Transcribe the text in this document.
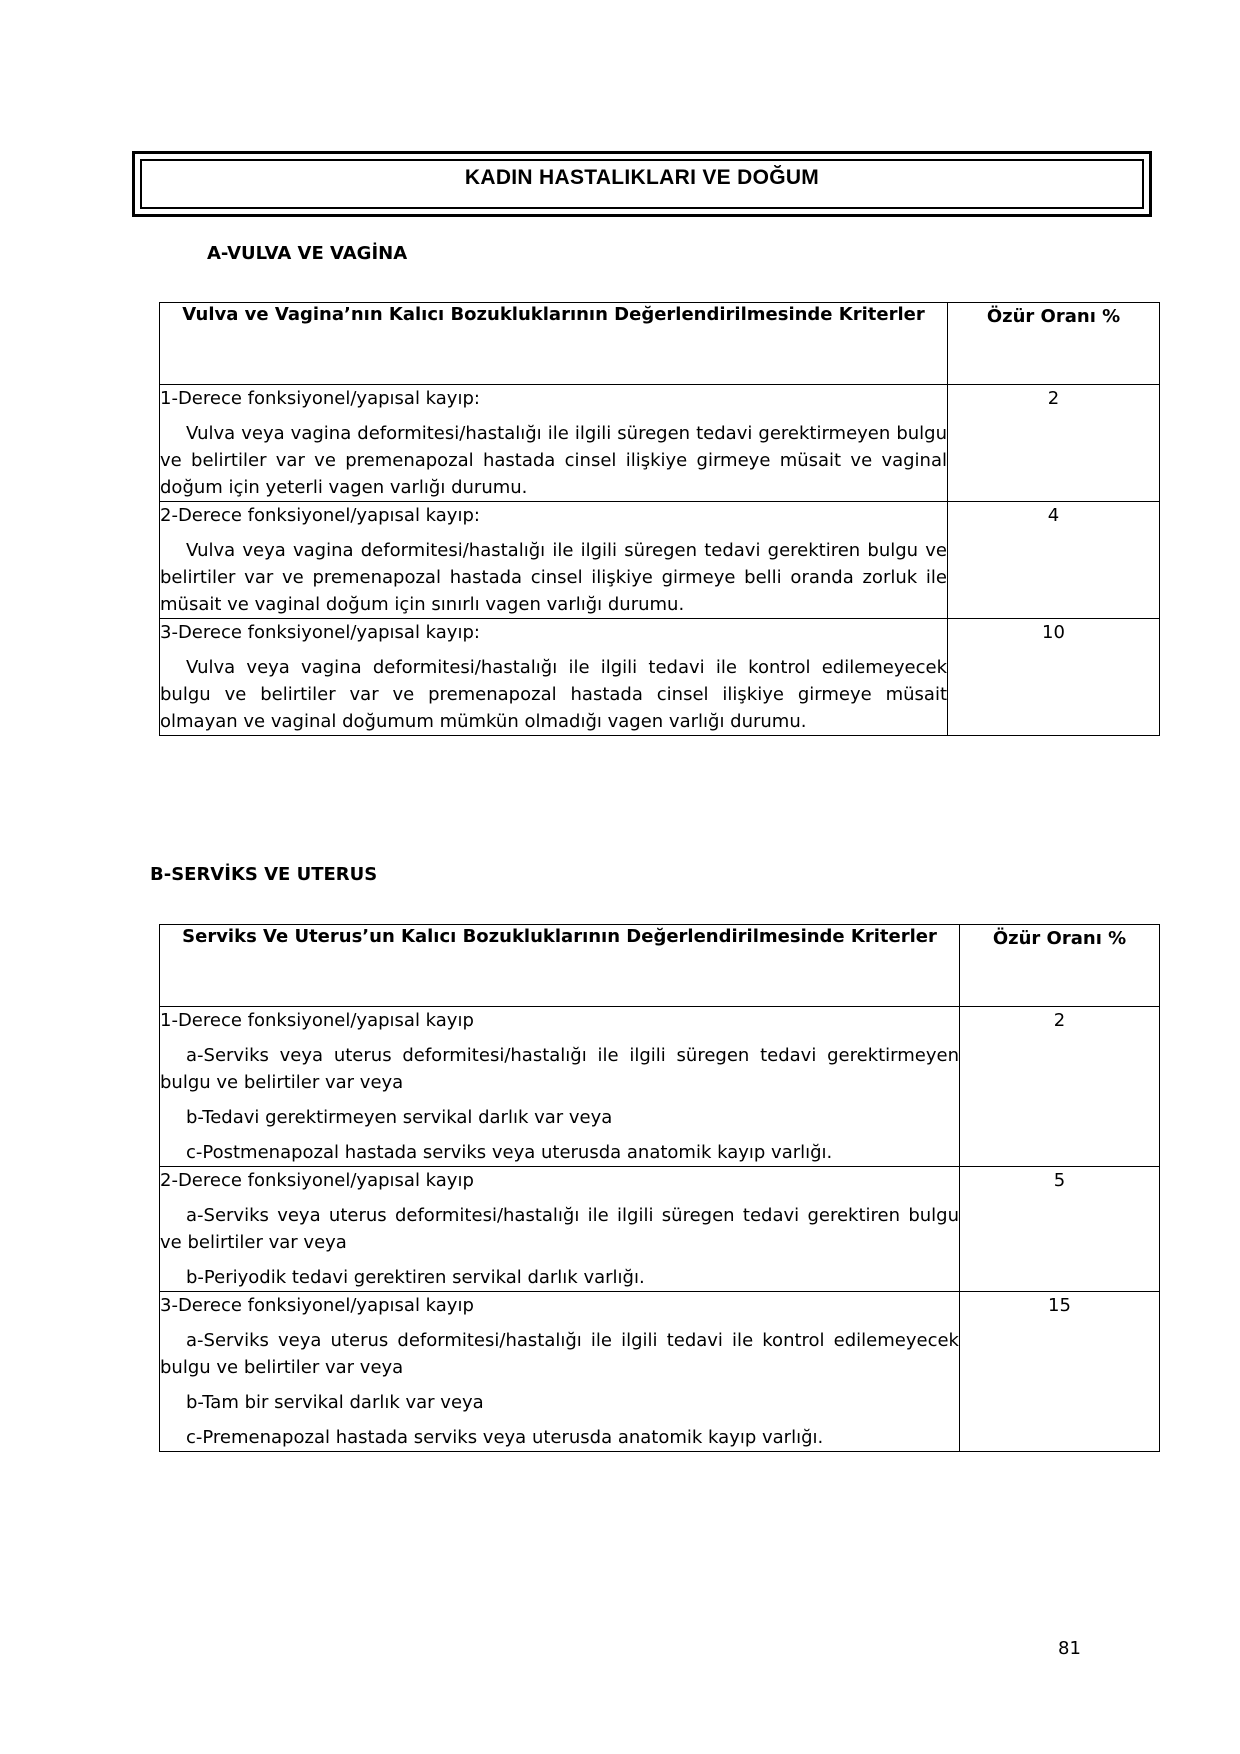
KADIN HASTALIKLARI VE DOĞUM
A-VULVA VE VAGİNA
Vulva ve Vagina’nın Kalıcı Bozukluklarının Değerlendirilmesinde Kriterler	Özür Oranı %

1-Derece fonksiyonel/yapısal kayıp:
Vulva veya vagina deformitesi/hastalığı ile ilgili süregen tedavi gerektirmeyen bulgu ve belirtiler var ve premenapozal hastada cinsel ilişkiye girmeye müsait ve vaginal doğum için yeterli vagen varlığı durumu.	2

2-Derece fonksiyonel/yapısal kayıp:
Vulva veya vagina deformitesi/hastalığı ile ilgili süregen tedavi gerektiren bulgu ve belirtiler var ve premenapozal hastada cinsel ilişkiye girmeye belli oranda zorluk ile müsait ve vaginal doğum için sınırlı vagen varlığı durumu.	4

3-Derece fonksiyonel/yapısal kayıp:
Vulva veya vagina deformitesi/hastalığı ile ilgili tedavi ile kontrol edilemeyecek bulgu ve belirtiler var ve premenapozal hastada cinsel ilişkiye girmeye müsait olmayan ve vaginal doğumum mümkün olmadığı vagen varlığı durumu.	10
B-SERVİKS VE UTERUS
Serviks Ve Uterus’un Kalıcı Bozukluklarının Değerlendirilmesinde Kriterler	Özür Oranı %

1-Derece fonksiyonel/yapısal kayıp
a-Serviks veya uterus deformitesi/hastalığı ile ilgili süregen tedavi gerektirmeyen bulgu ve belirtiler var veya
b-Tedavi gerektirmeyen servikal darlık var veya
c-Postmenapozal hastada serviks veya uterusda anatomik kayıp varlığı.	2

2-Derece fonksiyonel/yapısal kayıp
a-Serviks veya uterus deformitesi/hastalığı ile ilgili süregen tedavi gerektiren bulgu ve belirtiler var veya
b-Periyodik tedavi gerektiren servikal darlık varlığı.	5

3-Derece fonksiyonel/yapısal kayıp
a-Serviks veya uterus deformitesi/hastalığı ile ilgili tedavi ile kontrol edilemeyecek bulgu ve belirtiler var veya
b-Tam bir servikal darlık var veya
c-Premenapozal hastada serviks veya uterusda anatomik kayıp varlığı.	15
81
